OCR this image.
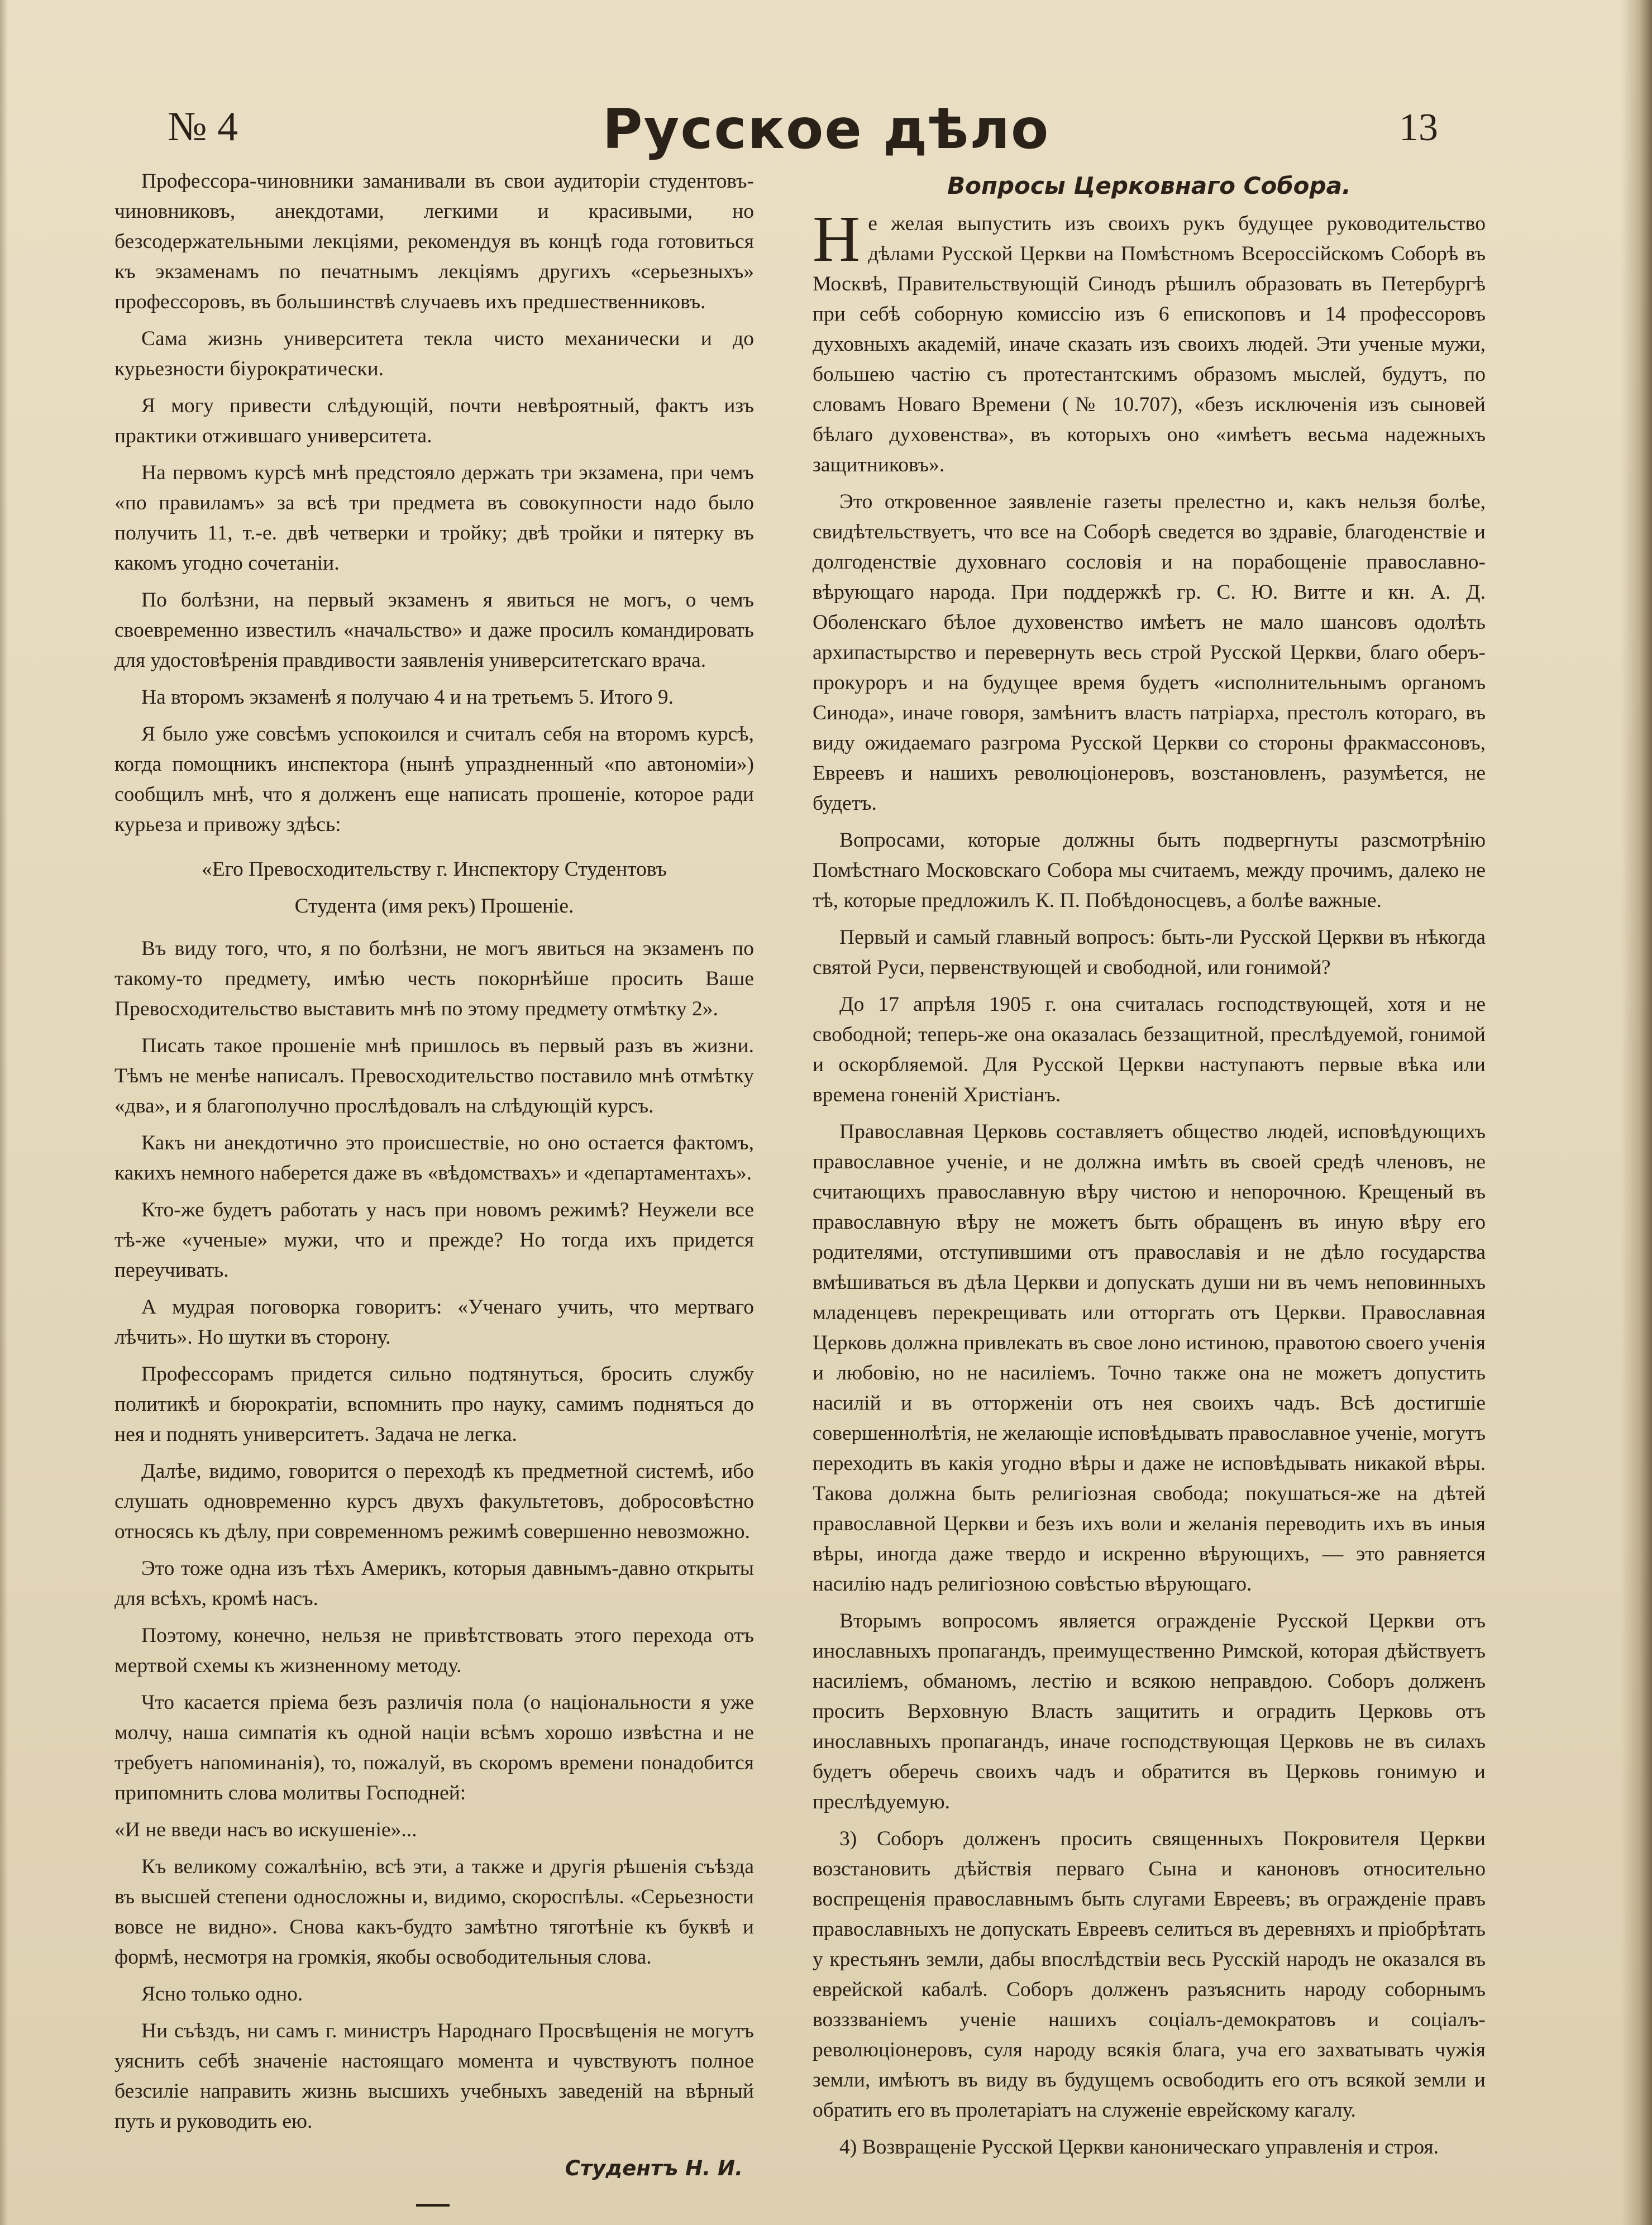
№ 4	Русское дѣло	13

Профессора-чиновники заманивали въ свои аудиторіи студентовъ-чиновниковъ, анекдотами, легкими и красивыми, но безсодержательными лекціями, рекомендуя въ концѣ года готовиться къ экзаменамъ по печатнымъ лекціямъ другихъ «серьезныхъ» профессоровъ, въ большинствѣ случаевъ ихъ предшественниковъ.

Сама жизнь университета текла чисто механически и до курьезности біурократически.

Я могу привести слѣдующій, почти невѣроятный, фактъ изъ практики отжившаго университета.

На первомъ курсѣ мнѣ предстояло держать три экзамена, при чемъ «по правиламъ» за всѣ три предмета въ совокупности надо было получить 11, т.-е. двѣ четверки и тройку; двѣ тройки и пятерку въ какомъ угодно сочетаніи.

По болѣзни, на первый экзаменъ я явиться не могъ, о чемъ своевременно известилъ «начальство» и даже просилъ командировать для удостовѣренія правдивости заявленія университетскаго врача.

На второмъ экзаменѣ я получаю 4 и на третьемъ 5. Итого 9.

Я было уже совсѣмъ успокоился и считалъ себя на второмъ курсѣ, когда помощникъ инспектора (нынѣ упраздненный «по автономіи») сообщилъ мнѣ, что я долженъ еще написать прошеніе, которое ради курьеза и привожу здѣсь:

«Его Превосходительству г. Инспектору Студентовъ

Студента (имя рекъ) Прошеніе.

Въ виду того, что, я по болѣзни, не могъ явиться на экзаменъ по такому-то предмету, имѣю честь покорнѣйше просить Ваше Превосходительство выставить мнѣ по этому предмету отмѣтку 2».

Писать такое прошеніе мнѣ пришлось въ первый разъ въ жизни. Тѣмъ не менѣе написалъ. Превосходительство поставило мнѣ отмѣтку «два», и я благополучно прослѣдовалъ на слѣдующій курсъ.

Какъ ни анекдотично это происшествіе, но оно остается фактомъ, какихъ немного наберется даже въ «вѣдомствахъ» и «департаментахъ».

Кто-же будетъ работать у насъ при новомъ режимѣ? Неужели все тѣ-же «ученые» мужи, что и прежде? Но тогда ихъ придется переучивать.

А мудрая поговорка говоритъ: «Ученаго учить, что мертваго лѣчить». Но шутки въ сторону.

Профессорамъ придется сильно подтянуться, бросить службу политикѣ и бюрократіи, вспомнить про науку, самимъ подняться до нея и поднять университетъ. Задача не легка.

Далѣе, видимо, говорится о переходѣ къ предметной системѣ, ибо слушать одновременно курсъ двухъ факультетовъ, добросовѣстно относясь къ дѣлу, при современномъ режимѣ совершенно невозможно.

Это тоже одна изъ тѣхъ Америкъ, которыя давнымъ-давно открыты для всѣхъ, кромѣ насъ.

Поэтому, конечно, нельзя не привѣтствовать этого перехода отъ мертвой схемы къ жизненному методу.

Что касается пріема безъ различія пола (о національности я уже молчу, наша симпатія къ одной націи всѣмъ хорошо извѣстна и не требуетъ напоминанія), то, пожалуй, въ скоромъ времени понадобится припомнить слова молитвы Господней:

«И не введи насъ во искушеніе»...

Къ великому сожалѣнію, всѣ эти, а также и другія рѣшенія съѣзда въ высшей степени односложны и, видимо, скороспѣлы. «Серьезности вовсе не видно». Снова какъ-будто замѣтно тяготѣніе къ буквѣ и формѣ, несмотря на громкія, якобы освободительныя слова.

Ясно только одно.

Ни съѣздъ, ни самъ г. министръ Народнаго Просвѣщенія не могутъ уяснить себѣ значеніе настоящаго момента и чувствуютъ полное безсиліе направить жизнь высшихъ учебныхъ заведеній на вѣрный путь и руководить ею.

Студентъ Н. И.
Вопросы Церковнаго Собора.

Не желая выпустить изъ своихъ рукъ будущее руководительство дѣлами Русской Церкви на Помѣстномъ Всероссійскомъ Соборѣ въ Москвѣ, Правительствующій Синодъ рѣшилъ образовать въ Петербургѣ при себѣ соборную комиссію изъ 6 епископовъ и 14 профессоровъ духовныхъ академій, иначе сказать изъ своихъ людей. Эти ученые мужи, большею частію съ протестантскимъ образомъ мыслей, будутъ, по словамъ Новаго Времени (№ 10.707), «безъ исключенія изъ сыновей бѣлаго духовенства», въ которыхъ оно «имѣетъ весьма надежныхъ защитниковъ».

Это откровенное заявленіе газеты прелестно и, какъ нельзя болѣе, свидѣтельствуетъ, что все на Соборѣ сведется во здравіе, благоденствіе и долгоденствіе духовнаго сословія и на порабощеніе православно-вѣрующаго народа. При поддержкѣ гр. С. Ю. Витте и кн. А. Д. Оболенскаго бѣлое духовенство имѣетъ не мало шансовъ одолѣть архипастырство и перевернуть весь строй Русской Церкви, благо оберъ-прокуроръ и на будущее время будетъ «исполнительнымъ органомъ Синода», иначе говоря, замѣнитъ власть патріарха, престолъ котораго, въ виду ожидаемаго разгрома Русской Церкви со стороны фракмассоновъ, Евреевъ и нашихъ революціонеровъ, возстановленъ, разумѣется, не будетъ.

Вопросами, которые должны быть подвергнуты разсмотрѣнію Помѣстнаго Московскаго Собора мы считаемъ, между прочимъ, далеко не тѣ, которые предложилъ К. П. Побѣдоносцевъ, а болѣе важные.

Первый и самый главный вопросъ: быть-ли Русской Церкви въ нѣкогда святой Руси, первенствующей и свободной, или гонимой?

До 17 апрѣля 1905 г. она считалась господствующей, хотя и не свободной; теперь-же она оказалась беззащитной, преслѣдуемой, гонимой и оскорбляемой. Для Русской Церкви наступаютъ первые вѣка или времена гоненій Христіанъ.

Православная Церковь составляетъ общество людей, исповѣдующихъ православное ученіе, и не должна имѣть въ своей средѣ членовъ, не считающихъ православную вѣру чистою и непорочною. Крещеный въ православную вѣру не можетъ быть обращенъ въ иную вѣру его родителями, отступившими отъ православія и не дѣло государства вмѣшиваться въ дѣла Церкви и допускать души ни въ чемъ неповинныхъ младенцевъ перекрещивать или отторгать отъ Церкви. Православная Церковь должна привлекать въ свое лоно истиною, правотою своего ученія и любовію, но не насиліемъ. Точно также она не можетъ допустить насилій и въ отторженіи отъ нея своихъ чадъ. Всѣ достигшіе совершеннолѣтія, не желающіе исповѣдывать православное ученіе, могутъ переходить въ какія угодно вѣры и даже не исповѣдывать никакой вѣры. Такова должна быть религіозная свобода; покушаться-же на дѣтей православной Церкви и безъ ихъ воли и желанія переводить ихъ въ иныя вѣры, иногда даже твердо и искренно вѣрующихъ, — это равняется насилію надъ религіозною совѣстью вѣрующаго.

Вторымъ вопросомъ является огражденіе Русской Церкви отъ инославныхъ пропагандъ, преимущественно Римской, которая дѣйствуетъ насиліемъ, обманомъ, лестію и всякою неправдою. Соборъ долженъ просить Верховную Власть защитить и оградить Церковь отъ инославныхъ пропагандъ, иначе господствующая Церковь не въ силахъ будетъ оберечь своихъ чадъ и обратится въ Церковь гонимую и преслѣдуемую.

3) Соборъ долженъ просить священныхъ Покровителя Церкви возстановить дѣйствія перваго Сына и каноновъ относительно воспрещенія православнымъ быть слугами Евреевъ; въ огражденіе правъ православныхъ не допускать Евреевъ селиться въ деревняхъ и пріобрѣтать у крестьянъ земли, дабы впослѣдствіи весь Русскій народъ не оказался въ еврейской кабалѣ. Соборъ долженъ разъяснить народу соборнымъ возззваніемъ ученіе нашихъ соціалъ-демократовъ и соціалъ-революціонеровъ, суля народу всякія блага, уча его захватывать чужія земли, имѣютъ въ виду въ будущемъ освободить его отъ всякой земли и обратить его въ пролетаріатъ на служеніе еврейскому кагалу.

4) Возвращеніе Русской Церкви каноническаго управленія и строя.
